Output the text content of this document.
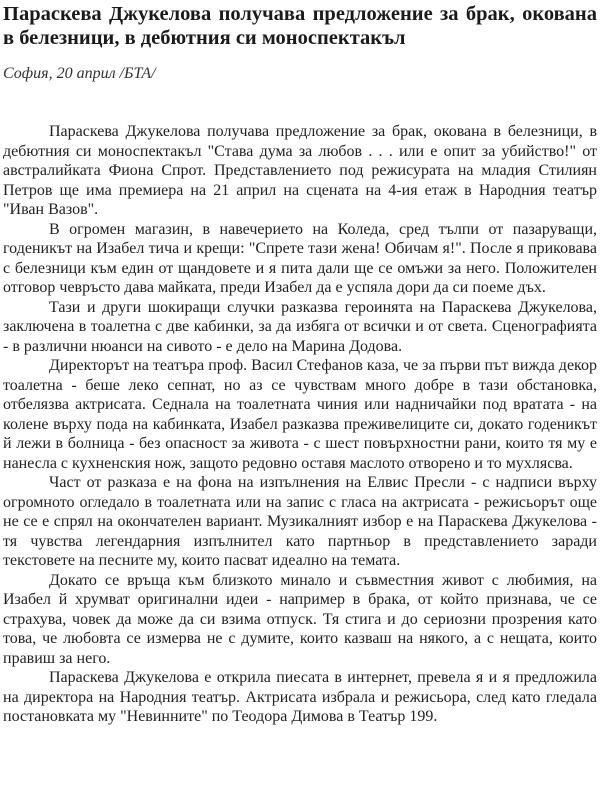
Параскева Джукелова получава предложение за брак, окована в белезници, в дебютния си моноспектакъл
София, 20 април /БТА/

Параскева Джукелова получава предложение за брак, окована в белезници, в дебютния си моноспектакъл "Става дума за любов . . . или е опит за убийство!" от австралийката Фиона Спрот. Представлението под режисурата на младия Стилиян Петров ще има премиера на 21 април на сцената на 4-ия етаж в Народния театър "Иван Вазов".

В огромен магазин, в навечерието на Коледа, сред тълпи от пазаруващи, годеникът на Изабел тича и крещи: "Спрете тази жена! Обичам я!". После я приковава с белезници към един от щандовете и я пита дали ще се омъжи за него. Положителен отговор чевръсто дава майката, преди Изабел да е успяла дори да си поеме дъх.

Тази и други шокиращи случки разказва героинята на Параскева Джукелова, заключена в тоалетна с две кабинки, за да избяга от всички и от света. Сценографията - в различни нюанси на сивото - е дело на Марина Додова.

Директорът на театъра проф. Васил Стефанов каза, че за първи път вижда декор тоалетна - беше леко сепнат, но аз се чувствам много добре в тази обстановка, отбелязва актрисата. Седнала на тоалетната чиния или надничайки под вратата - на колене върху пода на кабинката, Изабел разказва преживелиците си, докато годеникът й лежи в болница - без опасност за живота - с шест повърхностни рани, които тя му е нанесла с кухненския нож, защото редовно оставя маслото отворено и то мухлясва.

Част от разказа е на фона на изпълнения на Елвис Пресли - с надписи върху огромното огледало в тоалетната или на запис с гласа на актрисата - режисьорът още не се е спрял на окончателен вариант. Музикалният избор е на Параскева Джукелова - тя чувства легендарния изпълнител като партньор в представлението заради текстовете на песните му, които пасват идеално на темата.

Докато се връща към близкото минало и съвместния живот с любимия, на Изабел й хрумват оригинални идеи - например в брака, от който признава, че се страхува, човек да може да си взима отпуск. Тя стига и до сериозни прозрения като това, че любовта се измерва не с думите, които казваш на някого, а с нещата, които правиш за него.

Параскева Джукелова е открила пиесата в интернет, превела я и я предложила на директора на Народния театър. Актрисата избрала и режисьора, след като гледала постановката му "Невинните" по Теодора Димова в Театър 199.
